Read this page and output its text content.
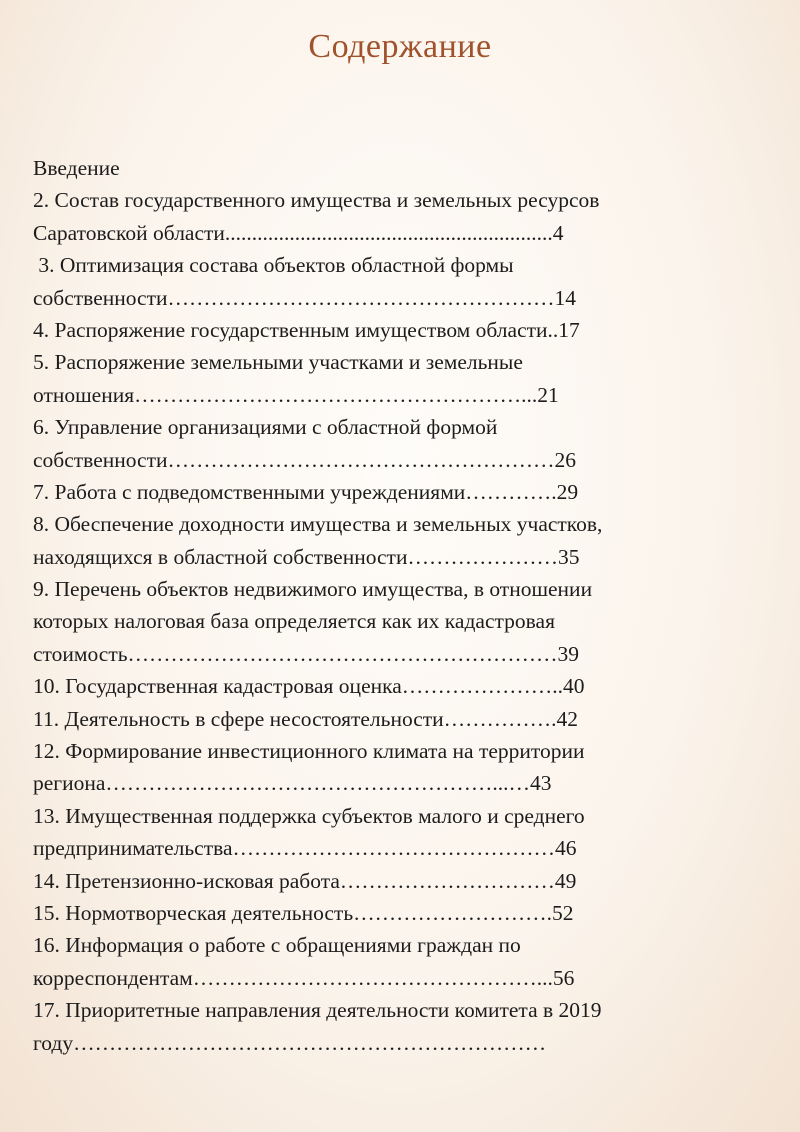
Содержание
Введение
2. Состав государственного имущества и земельных ресурсов
Саратовской области.............................................................4
3. Оптимизация состава объектов областной формы
собственности………………………………………………14
4. Распоряжение государственным имуществом области..17
5. Распоряжение земельными участками и земельные
отношения………………………………………………...21
6. Управление организациями с областной формой
собственности………………………………………………26
7. Работа с подведомственными учреждениями………….29
8. Обеспечение доходности имущества и земельных участков,
находящихся в областной собственности…………………35
9. Перечень объектов недвижимого имущества, в отношении
которых налоговая база определяется как их кадастровая
стоимость……………………………………………………39
10. Государственная кадастровая оценка…………………..40
11. Деятельность в сфере несостоятельности…………….42
12. Формирование инвестиционного климата на территории
региона………………………………………………...…43
13. Имущественная поддержка субъектов малого и среднего
предпринимательства………………………………………46
14. Претензионно-исковая работа…………………………49
15. Нормотворческая деятельность……………………….52
16. Информация о работе с обращениями граждан по
корреспондентам…………………………………………...56
17. Приоритетные направления деятельности комитета в 2019
году…………………………………………………………
